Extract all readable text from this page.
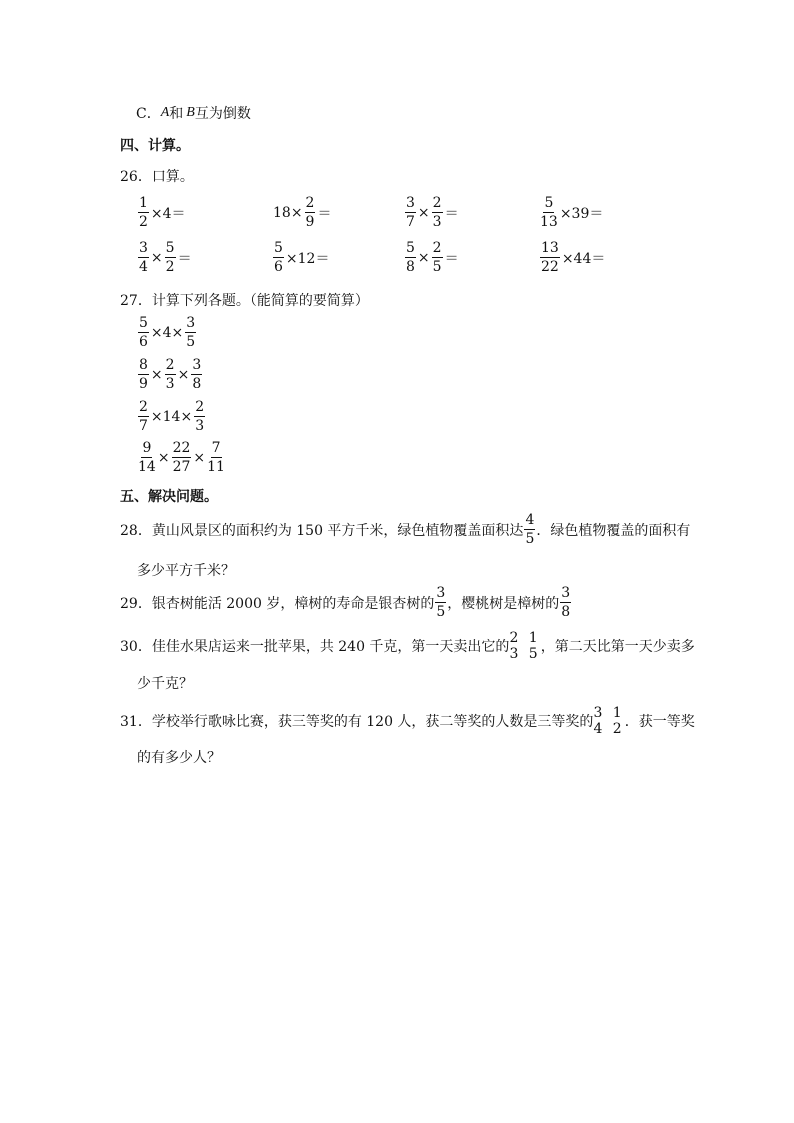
C． A 和 B 互为倒数
四、计算。
26．口算。
$\frac{1}{2} \times 4=$	$18\times \frac{2}{9}$ ＝	$\frac{3}{7} \times \frac{2}{3}$ ＝	$\frac{5}{13} \times 39=$
$\frac{3}{4} \times \frac{5}{2}$ ＝	$\frac{5}{6} \times 12=$	$\frac{5}{8} \times \frac{2}{5}$ ＝	$\frac{13}{22} \times 44=$
27．计算下列各题。（能简算的要简算）
$\frac{5}{6} \times 4\times \frac{3}{5}$
$\frac{8}{9} \times \frac{2}{3} \times \frac{3}{8}$
$\frac{2}{7} \times 14\times \frac{2}{3}$
$\frac{9}{14} \times \frac{22}{27} \times \frac{7}{11}$
五、解决问题。
28．黄山风景区的面积约为 150 平方千米，绿色植物覆盖面积达 $\frac{4}{5}$ ．绿色植物覆盖的面积有
多少平方千米？
29．银杏树能活 2000 岁，樟树的寿命是银杏树的 $\frac{3}{5}$ ，樱桃树是樟树的 $\frac{3}{8}$
30．佳佳水果店运来一批苹果，共 240 千克，第一天卖出它的
2 1
3 5 ，第二天比第一天少卖多
少千克？
31．学校举行歌咏比赛，获三等奖的有 120 人，获二等奖的人数是三等奖的
3 1
4 2 ．获一等奖
的有多少人？
